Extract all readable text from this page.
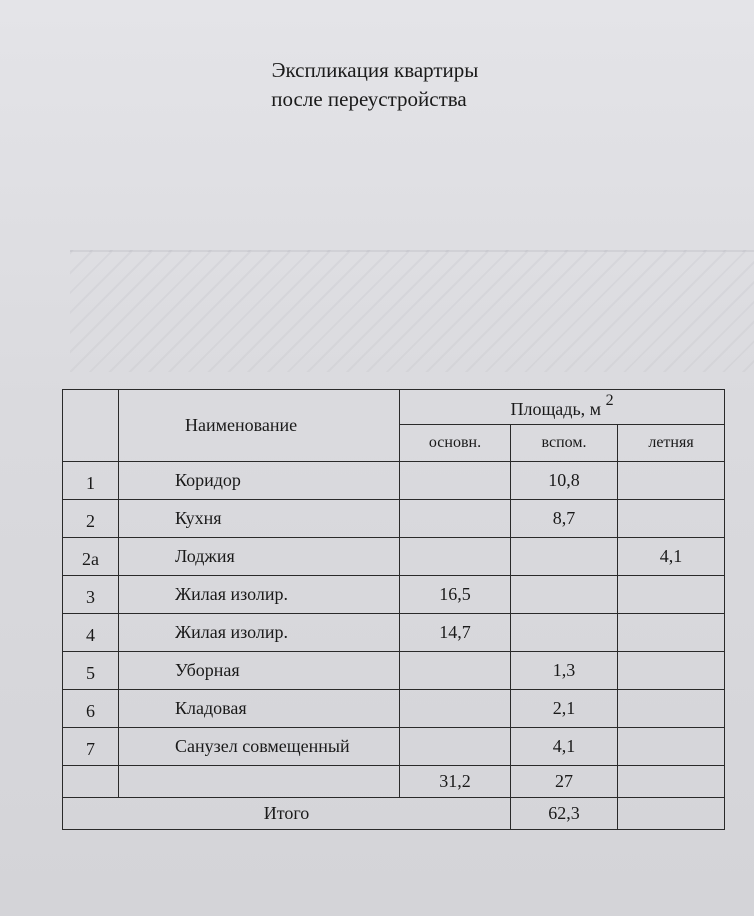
Экспликация квартиры
после переустройства
	Наименование	Площадь, м $^2$
		основн.	вспом.	летняя
1	Коридор		10,8	
2	Кухня		8,7	
2а	Лоджия			4,1
3	Жилая изолир.	16,5		
4	Жилая изолир.	14,7		
5	Уборная		1,3	
6	Кладовая		2,1	
7	Санузел совмещенный		4,1	
		31,2	27	
Итого			62,3	
